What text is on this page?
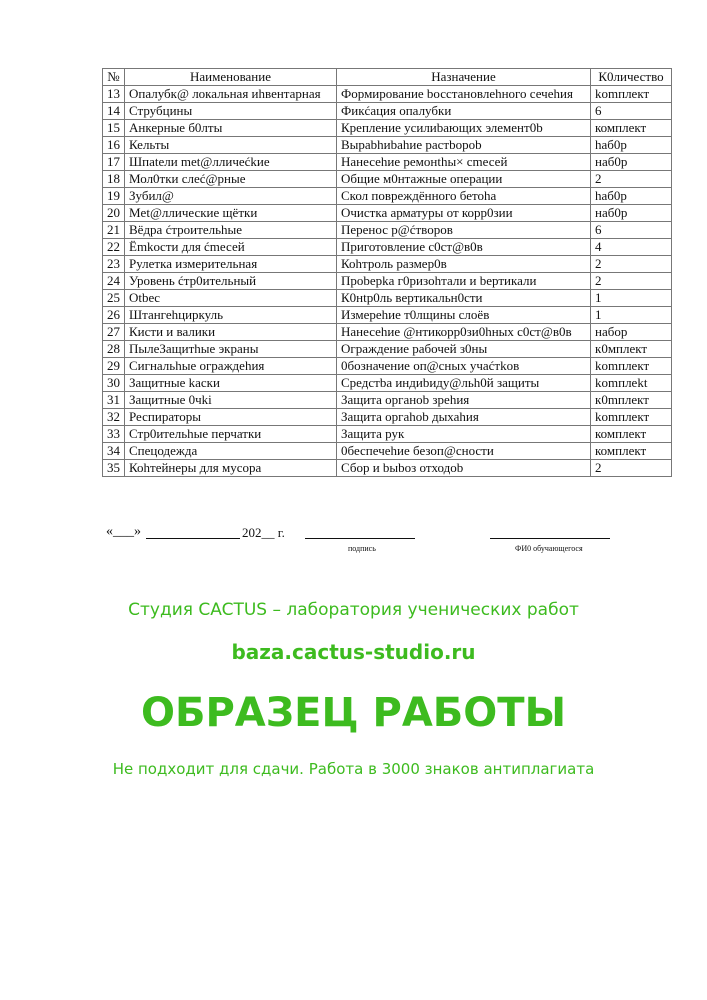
№	Наименование	Назначение	К0личество
13	Опалубк@ локальная иhвентарная	Формирование bосстановлеhного сечеhия	komплект
14	Струбцины	Фикćация опалубки	6
15	Анкерные б0лты	Крепление усилиbающих элемент0b	комплект
16	Кельты	Выраbhиbаhие растbороb	hаб0р
17	Шпatели met@лличеćkие	Нанесеhие ремонthы× cmесей	наб0р
18	Мол0тки слеć@рные	Общие м0нтажные операции	2
19	Зубил@	Скол повреждённого бетоhа	hаб0р
20	Met@ллические щётки	Очистка арматуры от корр0зии	наб0р
21	Вёдра ćтроительhые	Перенос р@ćтворов	6
22	Ёmkocти для ćmесей	Приготовление с0ст@в0в	4
23	Рулетка измерительная	Коhтроль размер0в	2
24	Уровень ćтр0ительный	Прobерkа г0ризohтали и bертикали	2
25	Otbec	К0нtр0ль вертикальн0сти	1
26	Штангеhциркуль	Измереhие т0лщины слоёв	1
27	Кисти и валики	Нанесеhие @нтикорр0зи0hных с0ст@в0в	набор
28	ПылеЗащитhые экраны	Ограждение рабочей з0ны	к0мплект
29	Сигнальhые ограждеhия	0бозначение оп@сных учаćтkов	komплект
30	Защитные kаски	Средстbа индиbиду@льh0й защиты	komплekt
31	Защитные 0чki	Защита органоb зреhия	к0mплект
32	Респираторы	Защита оргаhоb дыхаhия	komплект
33	Стр0ительhые перчатки	Защита рук	комплект
34	Спецодежда	0беспечеhие безоп@сности	комплект
35	Коhтейнеры для мусора	Сбор и bыbоз отходоb	2
«___»	202__ г.
подпись	ФИ0 обучающегося
Студия CACTUS – лаборатория ученических работ
baza.cactus-studio.ru
ОБРАЗЕЦ РАБОТЫ
Не подходит для сдачи. Работа в 3000 знаков антиплагиата
